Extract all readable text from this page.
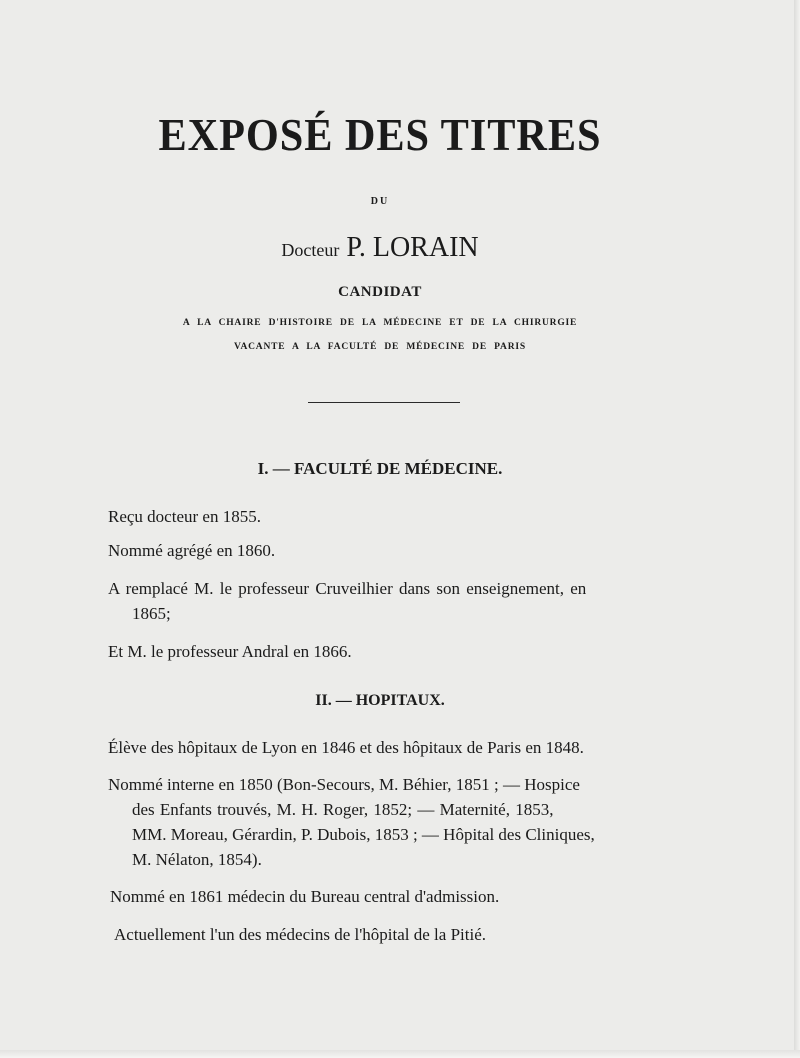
EXPOSÉ DES TITRES
DU
Docteur P. LORAIN
CANDIDAT
A LA CHAIRE D'HISTOIRE DE LA MÉDECINE ET DE LA CHIRURGIE
VACANTE A LA FACULTÉ DE MÉDECINE DE PARIS
I. — FACULTÉ DE MÉDECINE.
Reçu docteur en 1855.
Nommé agrégé en 1860.
A remplacé M. le professeur Cruveilhier dans son enseignement, en
1865;
Et M. le professeur Andral en 1866.
II. — HOPITAUX.
Élève des hôpitaux de Lyon en 1846 et des hôpitaux de Paris en 1848.
Nommé interne en 1850 (Bon-Secours, M. Béhier, 1851 ; — Hospice
des Enfants trouvés, M. H. Roger, 1852; — Maternité, 1853,
MM. Moreau, Gérardin, P. Dubois, 1853 ; — Hôpital des Cliniques,
M. Nélaton, 1854).
Nommé en 1861 médecin du Bureau central d'admission.
Actuellement l'un des médecins de l'hôpital de la Pitié.
